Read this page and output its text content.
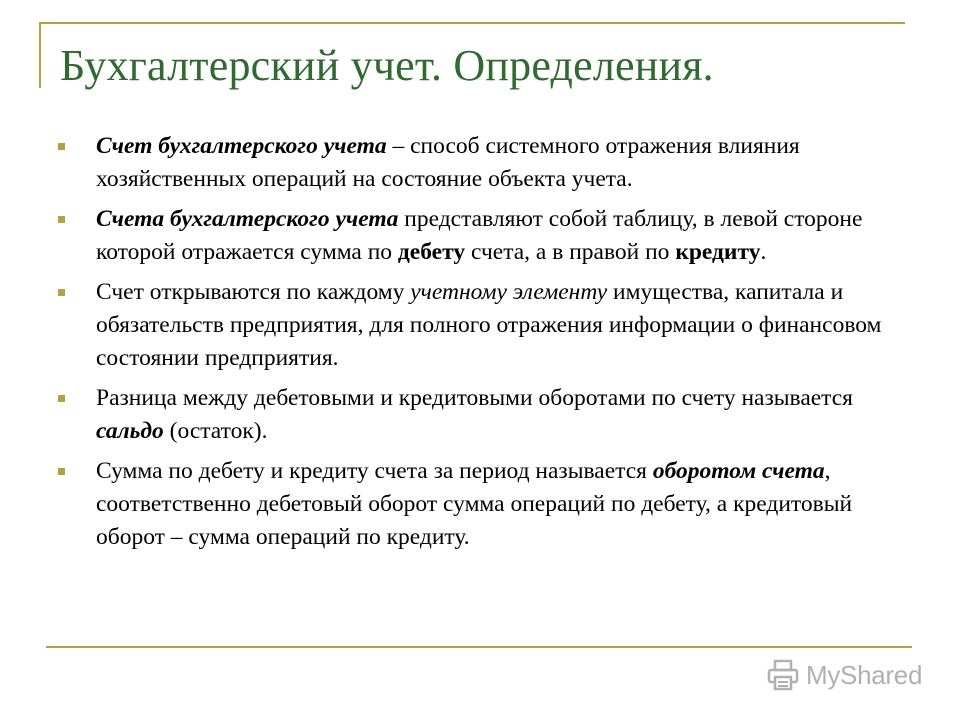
Бухгалтерский учет. Определения.
Счет бухгалтерского учета – способ системного отражения влияния хозяйственных операций на состояние объекта учета.
Счета бухгалтерского учета представляют собой таблицу, в левой стороне которой отражается сумма по дебету счета, а в правой по кредиту.
Счет открываются по каждому учетному элементу имущества, капитала и обязательств предприятия, для полного отражения информации о финансовом состоянии предприятия.
Разница между дебетовыми и кредитовыми оборотами по счету называется сальдо (остаток).
Сумма по дебету и кредиту счета за период называется оборотом счета, соответственно дебетовый оборот сумма операций по дебету, а кредитовый оборот – сумма операций по кредиту.
MyShared
